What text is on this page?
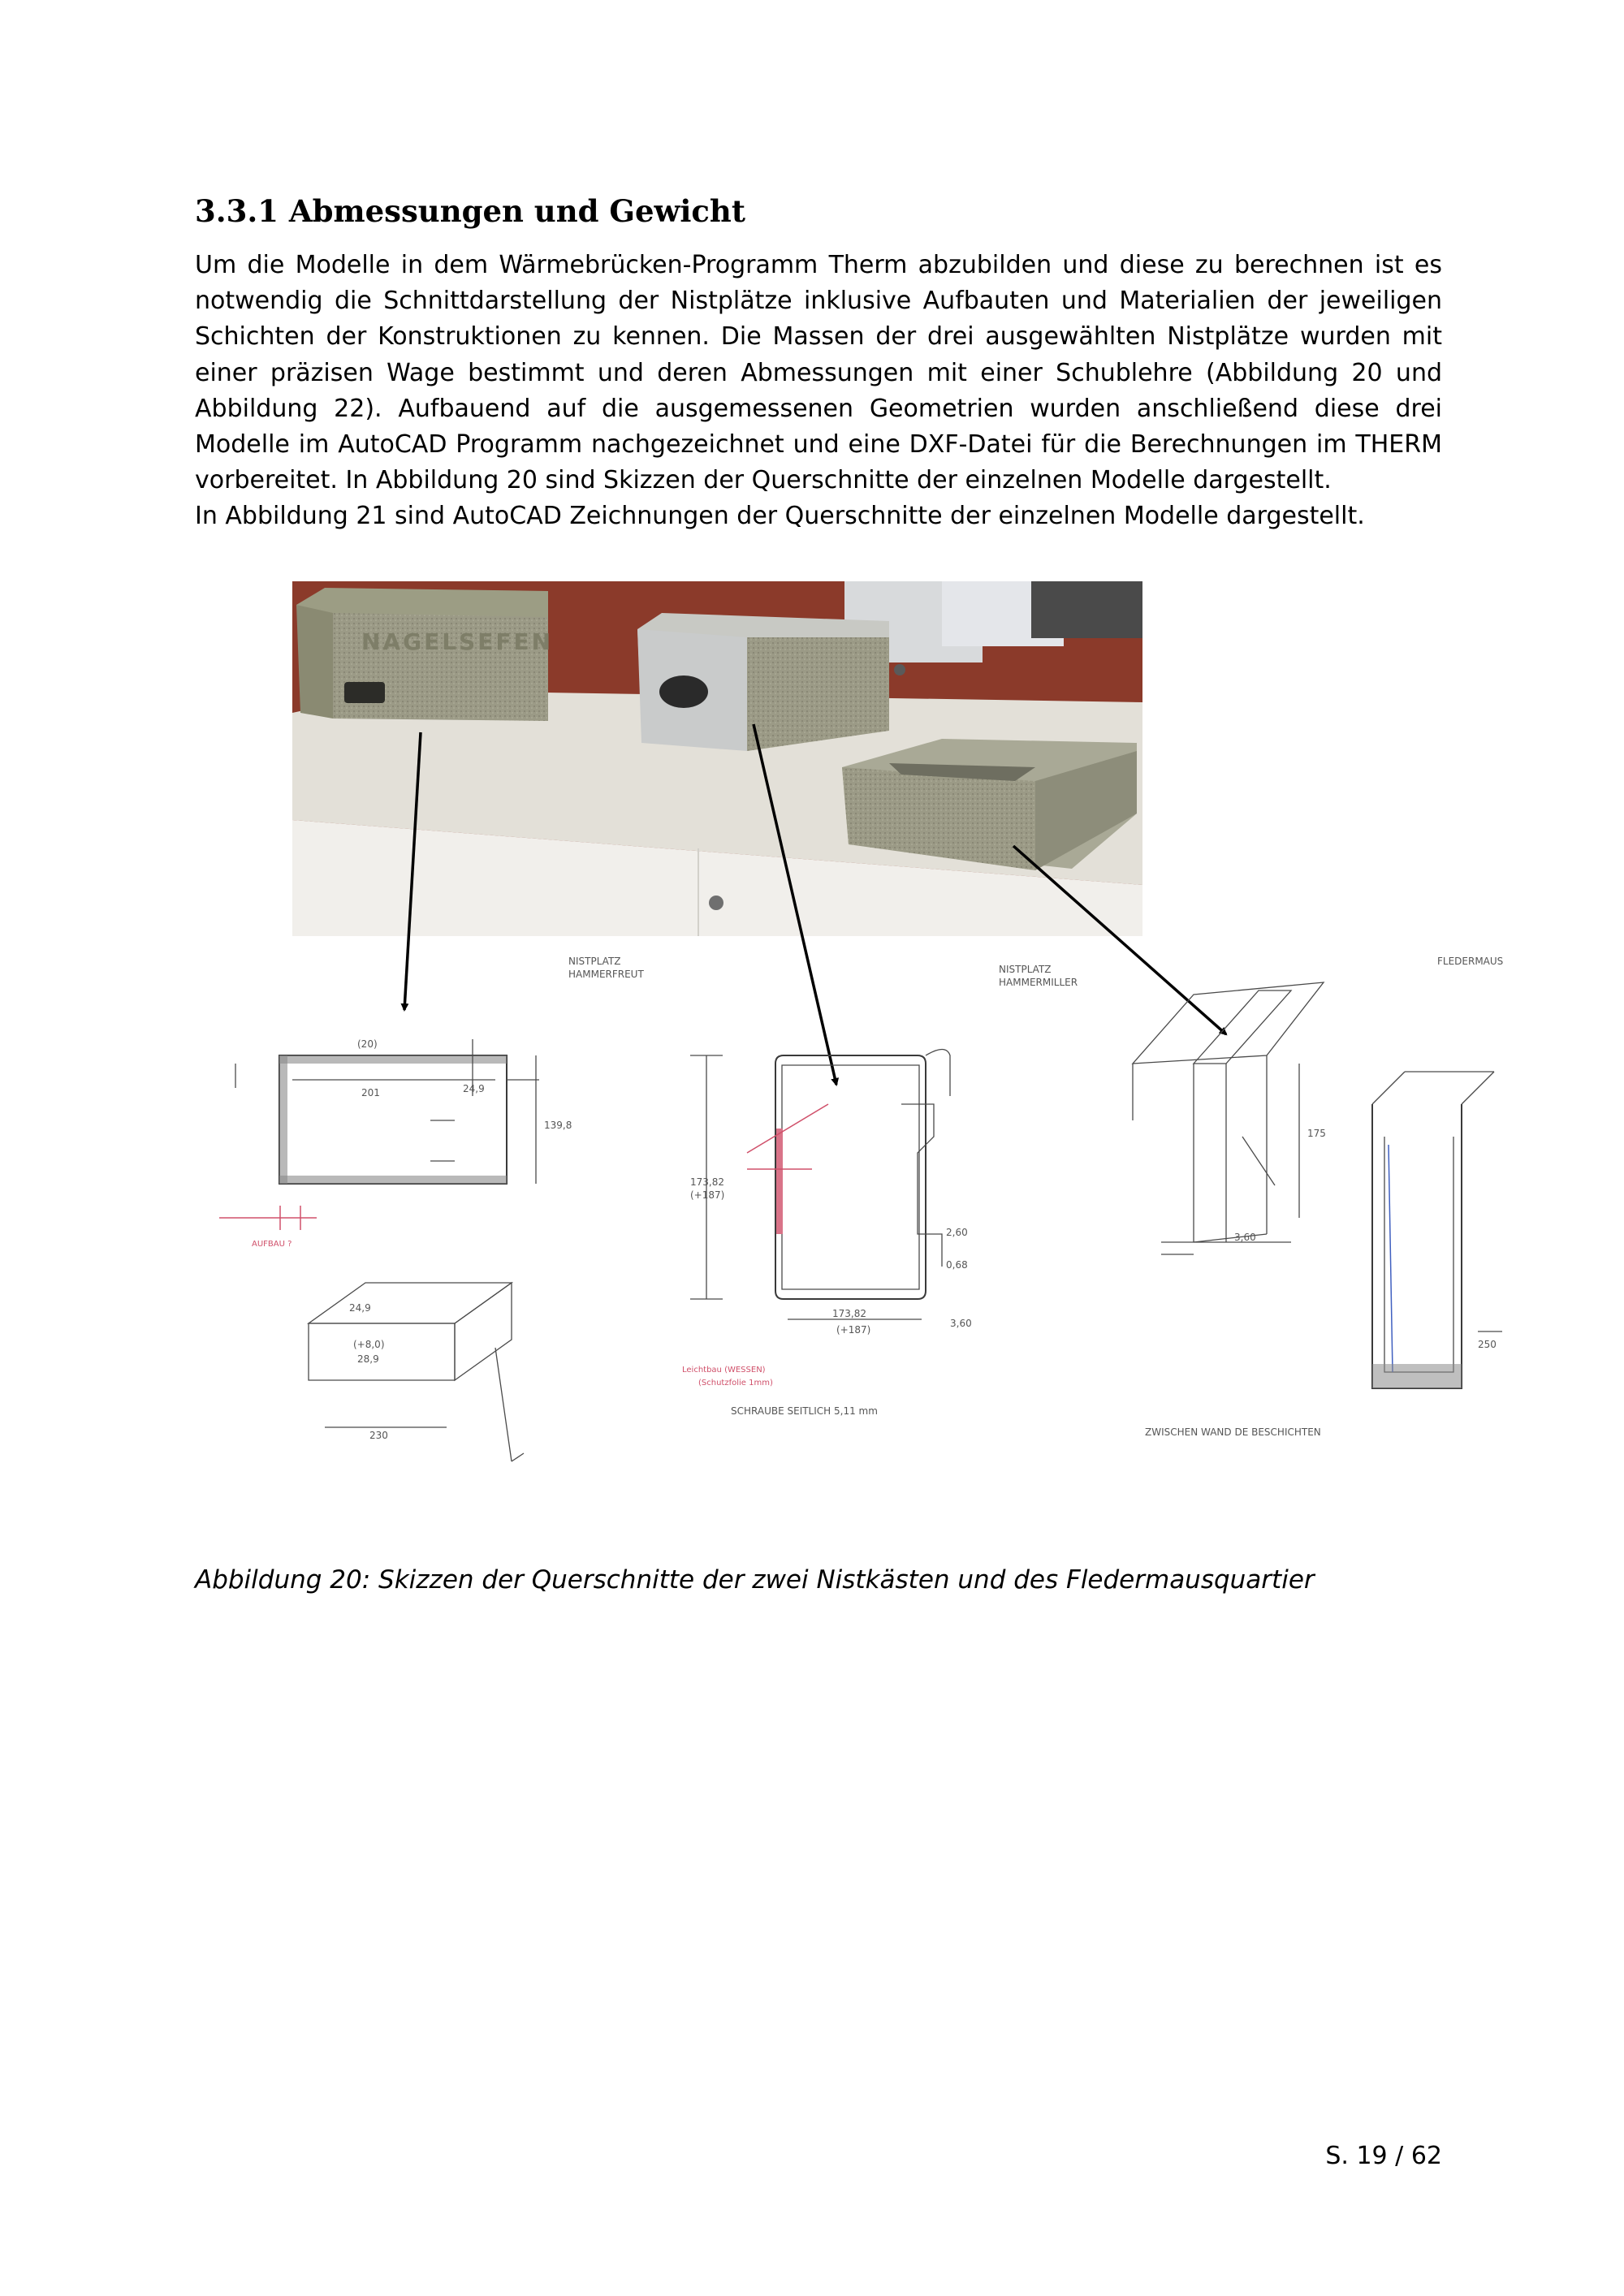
3.3.1 Abmessungen und Gewicht

Um die Modelle in dem Wärmebrücken-Programm Therm abzubilden und diese zu berechnen ist es notwendig die Schnittdarstellung der Nistplätze inklusive Aufbauten und Materialien der jeweiligen Schichten der Konstruktionen zu kennen. Die Massen der drei ausgewählten Nistplätze wurden mit einer präzisen Wage bestimmt und deren Abmessungen mit einer Schublehre (Abbildung 20 und Abbildung 22). Aufbauend auf die ausgemessenen Geometrien wurden anschließend diese drei Modelle im AutoCAD Programm nachgezeichnet und eine DXF-Datei für die Berechnungen im THERM vorbereitet. In Abbildung 20 sind Skizzen der Querschnitte der einzelnen Modelle dargestellt.

In Abbildung 21 sind AutoCAD Zeichnungen der Querschnitte der einzelnen Modelle dargestellt.

NAGELSEFEN
NISTPLATZ
HAMMERFREUT
201
(20)
24,9
139,8
AUFBAU ?
24,9
(+8,0)
28,9
230
NISTPLATZ
HAMMERMILLER
173,82
(+187)
173,82
(+187)
3,60
2,60
0,68
Leichtbau (WESSEN)
(Schutzfolie 1mm)
SCHRAUBE SEITLICH 5,11 mm
FLEDERMAUS
175
3,60
250
ZWISCHEN WAND DE BESCHICHTEN

Abbildung 20: Skizzen der Querschnitte der zwei Nistkästen und des Fledermausquartier

S. 19 / 62
